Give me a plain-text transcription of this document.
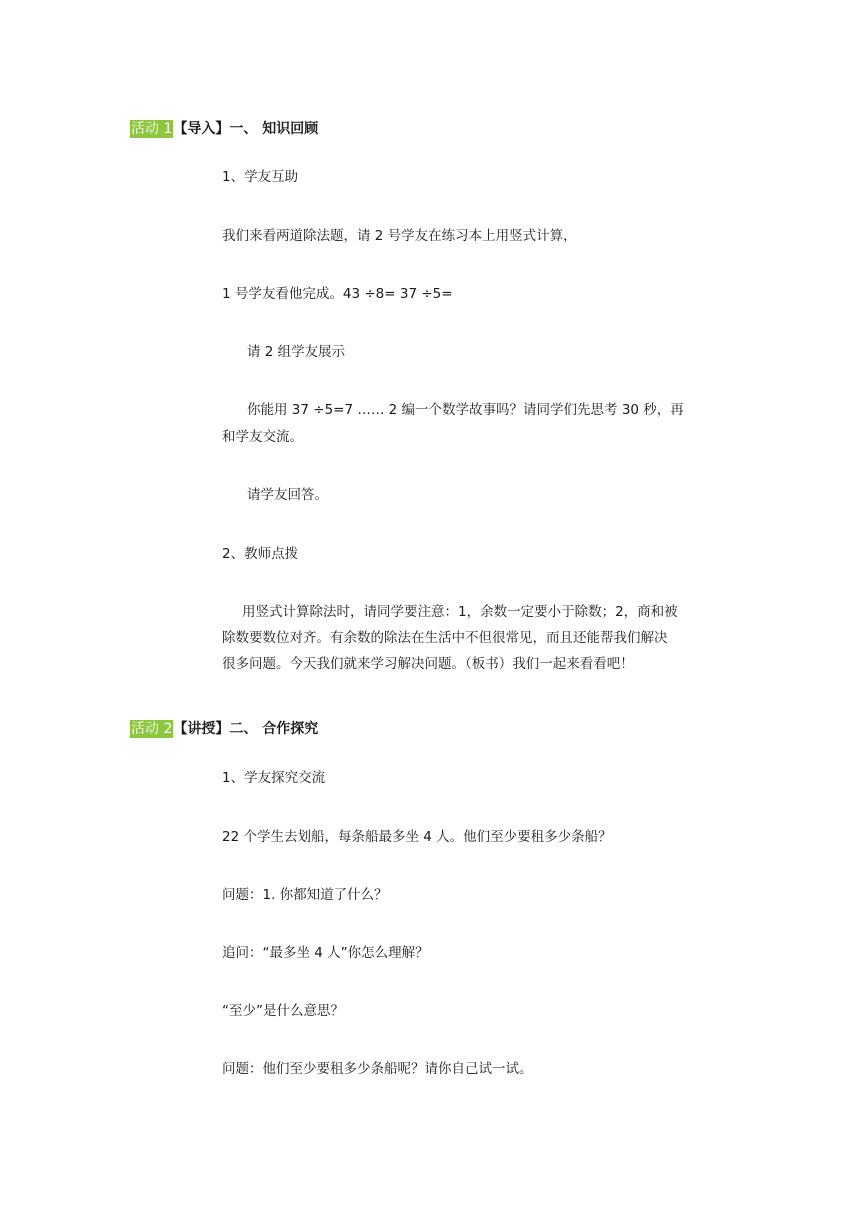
活动 1【导入】一、 知识回顾
1、学友互助
我们来看两道除法题，请 2 号学友在练习本上用竖式计算，
1 号学友看他完成。43 ÷8= 37 ÷5=
请 2 组学友展示
你能用 37 ÷5=7 …… 2 编一个数学故事吗？请同学们先思考 30 秒，再
和学友交流。
请学友回答。
2、教师点拨
用竖式计算除法时，请同学要注意：1，余数一定要小于除数；2，商和被
除数要数位对齐。有余数的除法在生活中不但很常见，而且还能帮我们解决
很多问题。今天我们就来学习解决问题。（板书）我们一起来看看吧！
活动 2【讲授】二、 合作探究
1、学友探究交流
22 个学生去划船，每条船最多坐 4 人。他们至少要租多少条船？
问题：1. 你都知道了什么？
追问：“最多坐 4 人”你怎么理解？
“至少”是什么意思？
问题：他们至少要租多少条船呢？请你自己试一试。
